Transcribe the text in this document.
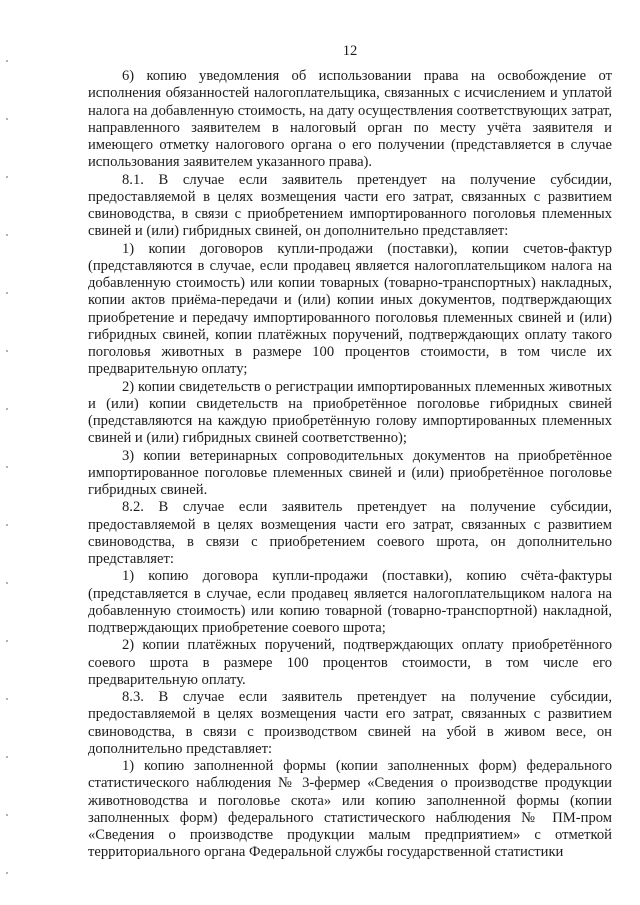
12

6) копию уведомления об использовании права на освобождение от исполнения обязанностей налогоплательщика, связанных с исчислением и уплатой налога на добавленную стоимость, на дату осуществления соответствующих затрат, направленного заявителем в налоговый орган по месту учёта заявителя и имеющего отметку налогового органа о его получении (представляется в случае использования заявителем указанного права).

8.1. В случае если заявитель претендует на получение субсидии, предоставляемой в целях возмещения части его затрат, связанных с развитием свиноводства, в связи с приобретением импортированного поголовья племенных свиней и (или) гибридных свиней, он дополнительно представляет:

1) копии договоров купли-продажи (поставки), копии счетов-фактур (представляются в случае, если продавец является налогоплательщиком налога на добавленную стоимость) или копии товарных (товарно-транспортных) накладных, копии актов приёма-передачи и (или) копии иных документов, подтверждающих приобретение и передачу импортированного поголовья племенных свиней и (или) гибридных свиней, копии платёжных поручений, подтверждающих оплату такого поголовья животных в размере 100 процентов стоимости, в том числе их предварительную оплату;

2) копии свидетельств о регистрации импортированных племенных животных и (или) копии свидетельств на приобретённое поголовье гибридных свиней (представляются на каждую приобретённую голову импортированных племенных свиней и (или) гибридных свиней соответственно);

3) копии ветеринарных сопроводительных документов на приобретённое импортированное поголовье племенных свиней и (или) приобретённое поголовье гибридных свиней.

8.2. В случае если заявитель претендует на получение субсидии, предоставляемой в целях возмещения части его затрат, связанных с развитием свиноводства, в связи с приобретением соевого шрота, он дополнительно представляет:

1) копию договора купли-продажи (поставки), копию счёта-фактуры (представляется в случае, если продавец является налогоплательщиком налога на добавленную стоимость) или копию товарной (товарно-транспортной) накладной, подтверждающих приобретение соевого шрота;

2) копии платёжных поручений, подтверждающих оплату приобретённого соевого шрота в размере 100 процентов стоимости, в том числе его предварительную оплату.

8.3. В случае если заявитель претендует на получение субсидии, предоставляемой в целях возмещения части его затрат, связанных с развитием свиноводства, в связи с производством свиней на убой в живом весе, он дополнительно представляет:

1) копию заполненной формы (копии заполненных форм) федерального статистического наблюдения № 3-фермер «Сведения о производстве продукции животноводства и поголовье скота» или копию заполненной формы (копии заполненных форм) федерального статистического наблюдения № ПМ-пром «Сведения о производстве продукции малым предприятием» с отметкой территориального органа Федеральной службы государственной статистики
